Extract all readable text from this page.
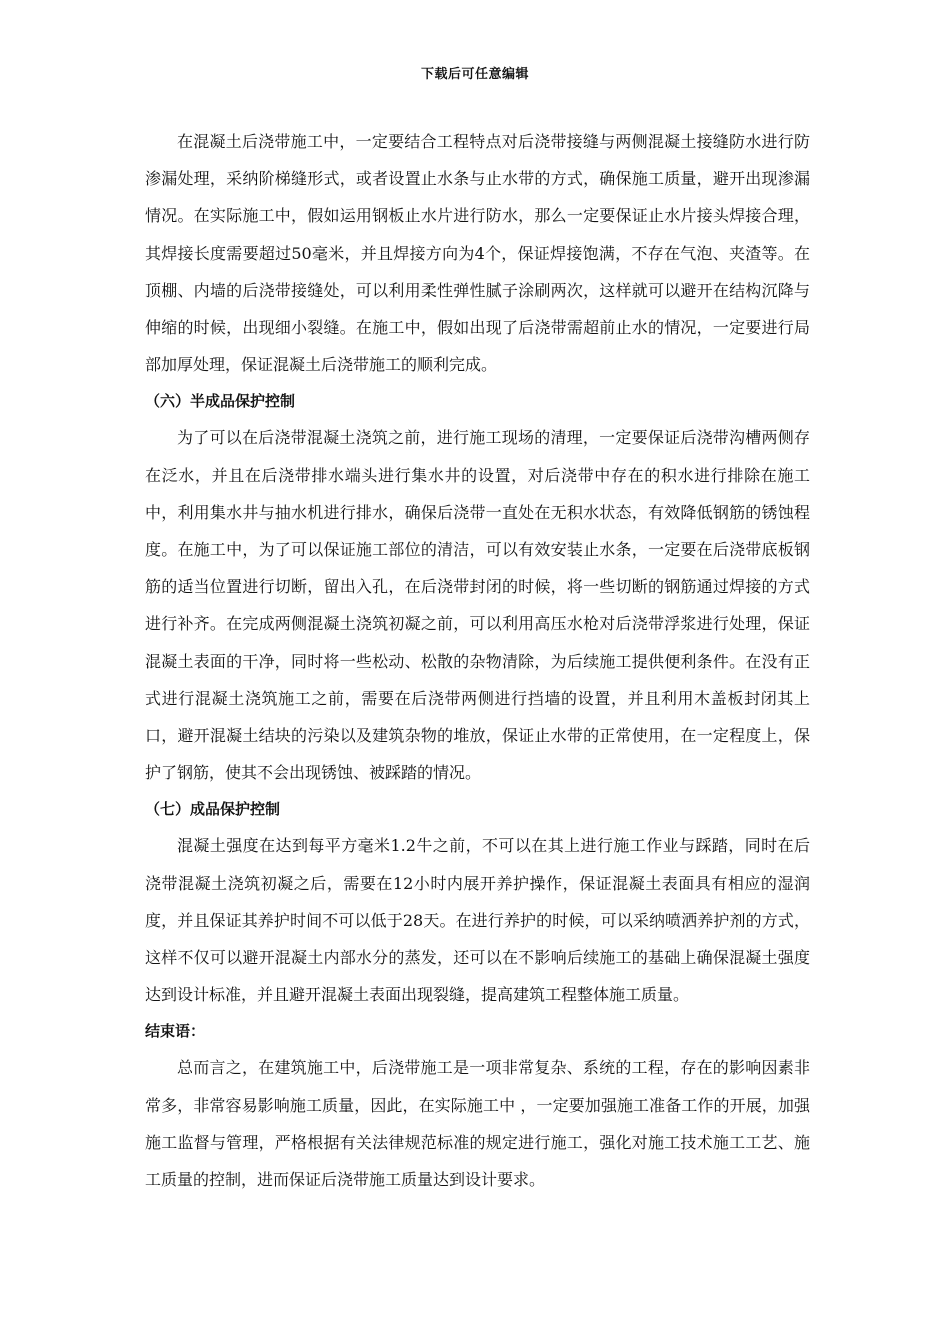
下载后可任意编辑

在混凝土后浇带施工中，一定要结合工程特点对后浇带接缝与两侧混凝土接缝防水进行防渗漏处理，采纳阶梯缝形式，或者设置止水条与止水带的方式，确保施工质量，避开出现渗漏情况。在实际施工中，假如运用钢板止水片进行防水，那么一定要保证止水片接头焊接合理，其焊接长度需要超过50毫米，并且焊接方向为4个，保证焊接饱满，不存在气泡、夹渣等。在顶棚、内墙的后浇带接缝处，可以利用柔性弹性腻子涂刷两次，这样就可以避开在结构沉降与伸缩的时候，出现细小裂缝。在施工中，假如出现了后浇带需超前止水的情况，一定要进行局部加厚处理，保证混凝土后浇带施工的顺利完成。

（六）半成品保护控制

为了可以在后浇带混凝土浇筑之前，进行施工现场的清理，一定要保证后浇带沟槽两侧存在泛水，并且在后浇带排水端头进行集水井的设置，对后浇带中存在的积水进行排除在施工中，利用集水井与抽水机进行排水，确保后浇带一直处在无积水状态，有效降低钢筋的锈蚀程度。在施工中，为了可以保证施工部位的清洁，可以有效安装止水条，一定要在后浇带底板钢筋的适当位置进行切断，留出入孔，在后浇带封闭的时候，将一些切断的钢筋通过焊接的方式进行补齐。在完成两侧混凝土浇筑初凝之前，可以利用高压水枪对后浇带浮浆进行处理，保证混凝土表面的干净，同时将一些松动、松散的杂物清除，为后续施工提供便利条件。在没有正式进行混凝土浇筑施工之前，需要在后浇带两侧进行挡墙的设置，并且利用木盖板封闭其上口，避开混凝土结块的污染以及建筑杂物的堆放，保证止水带的正常使用，在一定程度上，保护了钢筋，使其不会出现锈蚀、被踩踏的情况。

（七）成品保护控制

混凝土强度在达到每平方毫米1.2牛之前，不可以在其上进行施工作业与踩踏，同时在后浇带混凝土浇筑初凝之后，需要在12小时内展开养护操作，保证混凝土表面具有相应的湿润度，并且保证其养护时间不可以低于28天。在进行养护的时候，可以采纳喷洒养护剂的方式，这样不仅可以避开混凝土内部水分的蒸发，还可以在不影响后续施工的基础上确保混凝土强度达到设计标准，并且避开混凝土表面出现裂缝，提高建筑工程整体施工质量。

结束语：

总而言之，在建筑施工中，后浇带施工是一项非常复杂、系统的工程，存在的影响因素非常多，非常容易影响施工质量，因此，在实际施工中 ，一定要加强施工准备工作的开展，加强施工监督与管理，严格根据有关法律规范标准的规定进行施工，强化对施工技术施工工艺、施工质量的控制，进而保证后浇带施工质量达到设计要求。
